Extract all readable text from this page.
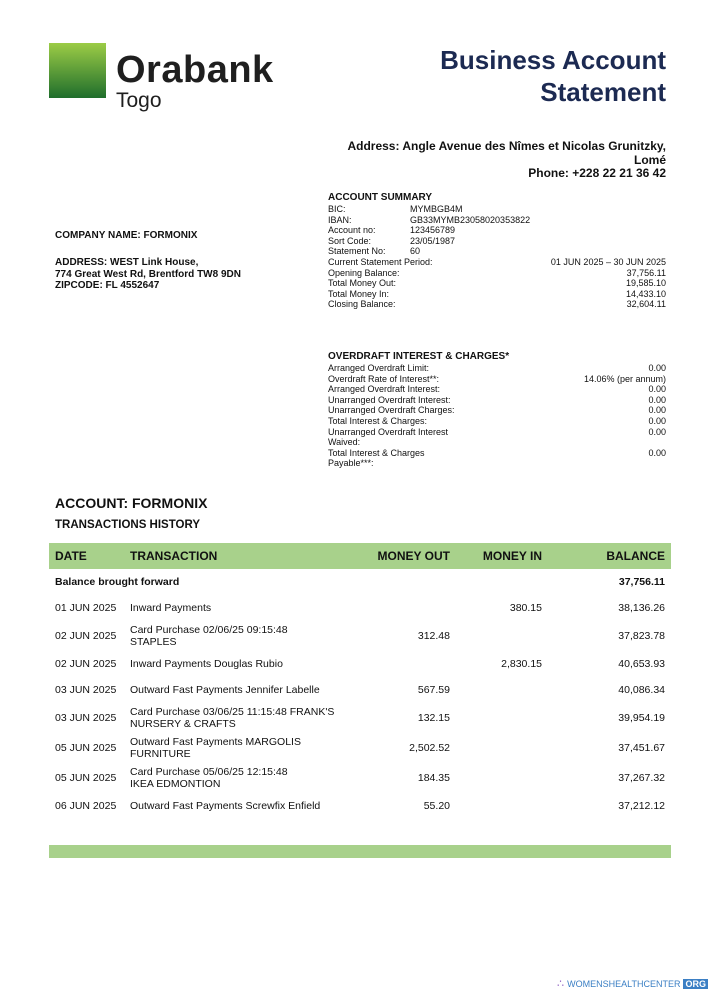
Orabank
Togo
Business Account
Statement
Address: Angle Avenue des Nîmes et Nicolas Grunitzky, Lomé
Phone: +228 22 21 36 42
COMPANY NAME: FORMONIX
ADDRESS: WEST Link House,
774 Great West Rd, Brentford TW8 9DN
ZIPCODE: FL 4552647
ACCOUNT SUMMARY
BIC:	MYMBGB4M
IBAN:	GB33MYMB23058020353822
Account no:	123456789
Sort Code:	23/05/1987
Statement No:	60
Current Statement Period:	01 JUN 2025 – 30 JUN 2025
Opening Balance:	37,756.11
Total Money Out:	19,585.10
Total Money In:	14,433.10
Closing Balance:	32,604.11
OVERDRAFT INTEREST & CHARGES*
Arranged Overdraft Limit:	0.00
Overdraft Rate of Interest**:	14.06% (per annum)
Arranged Overdraft Interest:	0.00
Unarranged Overdraft Interest:	0.00
Unarranged Overdraft Charges:	0.00
Total Interest & Charges:	0.00
Unarranged Overdraft Interest Waived:
0.00
Total Interest & Charges Payable***:
0.00
ACCOUNT: FORMONIX
TRANSACTIONS HISTORY
DATE	TRANSACTION	MONEY OUT	MONEY IN	BALANCE
Balance brought forward				37,756.11
01 JUN 2025	Inward Payments		380.15	38,136.26
02 JUN 2025	Card Purchase 02/06/25 09:15:48
STAPLES	312.48		37,823.78
02 JUN 2025	Inward Payments Douglas Rubio		2,830.15	40,653.93
03 JUN 2025	Outward Fast Payments Jennifer Labelle	567.59		40,086.34
03 JUN 2025	Card Purchase 03/06/25 11:15:48 FRANK'S
NURSERY & CRAFTS	132.15		39,954.19
05 JUN 2025	Outward Fast Payments MARGOLIS
FURNITURE	2,502.52		37,451.67
05 JUN 2025	Card Purchase 05/06/25 12:15:48
IKEA EDMONTION	184.35		37,267.32
06 JUN 2025	Outward Fast Payments Screwfix Enfield	55.20		37,212.12
∴ WOMENSHEALTHCENTER ORG
